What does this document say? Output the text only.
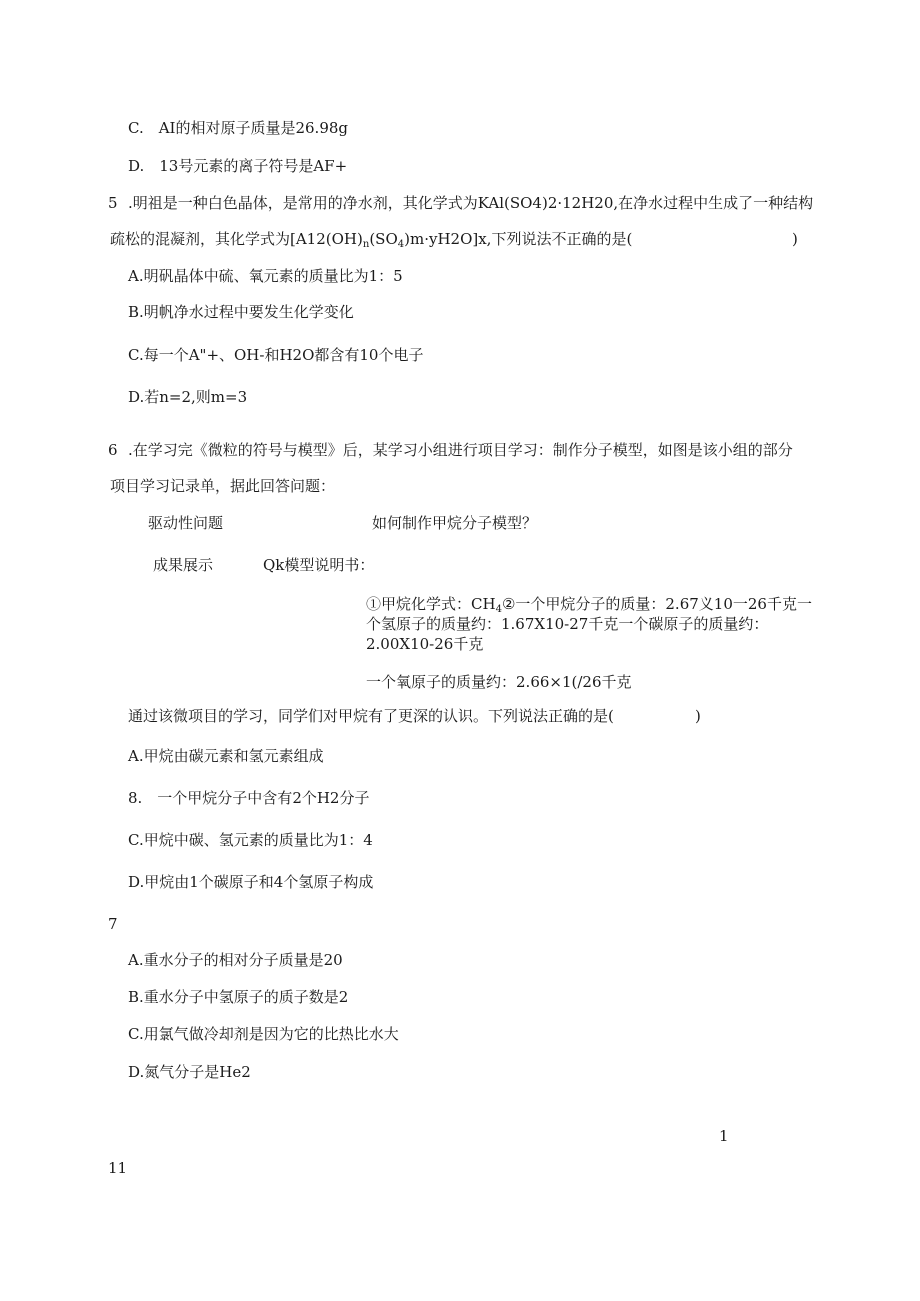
C.　AI的相对原子质量是26.98g
D.　13号元素的离子符号是AF+
5 .明祖是一种白色晶体，是常用的净水剂，其化学式为KAl(SO4)2·12H20,在净水过程中生成了一种结构
疏松的混凝剂，其化学式为$[A12(OH)_n(SO_4)m\cdot yH2O]x$,下列说法不正确的是(	)
A.明矾晶体中硫、氧元素的质量比为1：5
B.明帆净水过程中要发生化学变化
C.每一个A"+、OH-和H2O都含有10个电子
D.若n=2,则m=3
6 .在学习完《微粒的符号与模型》后，某学习小组进行项目学习：制作分子模型，如图是该小组的部分
项目学习记录单，据此回答问题：
驱动性问题	如何制作甲烷分子模型？
成果展示	Qk模型说明书：
①甲烷化学式：$CH_4②$一个甲烷分子的质量：2.67义10一26千克一
个氢原子的质量约：1.67X10-27千克一个碳原子的质量约：
2.00X10-26千克
一个氧原子的质量约：2.66×1(/26千克
通过该微项目的学习，同学们对甲烷有了更深的认识。下列说法正确的是(	)
A.甲烷由碳元素和氢元素组成
8.　一个甲烷分子中含有2个H2分子
C.甲烷中碳、氢元素的质量比为1：4
D.甲烷由1个碳原子和4个氢原子构成
7
A.重水分子的相对分子质量是20
B.重水分子中氢原子的质子数是2
C.用氯气做冷却剂是因为它的比热比水大
D.氮气分子是He2
1
11
